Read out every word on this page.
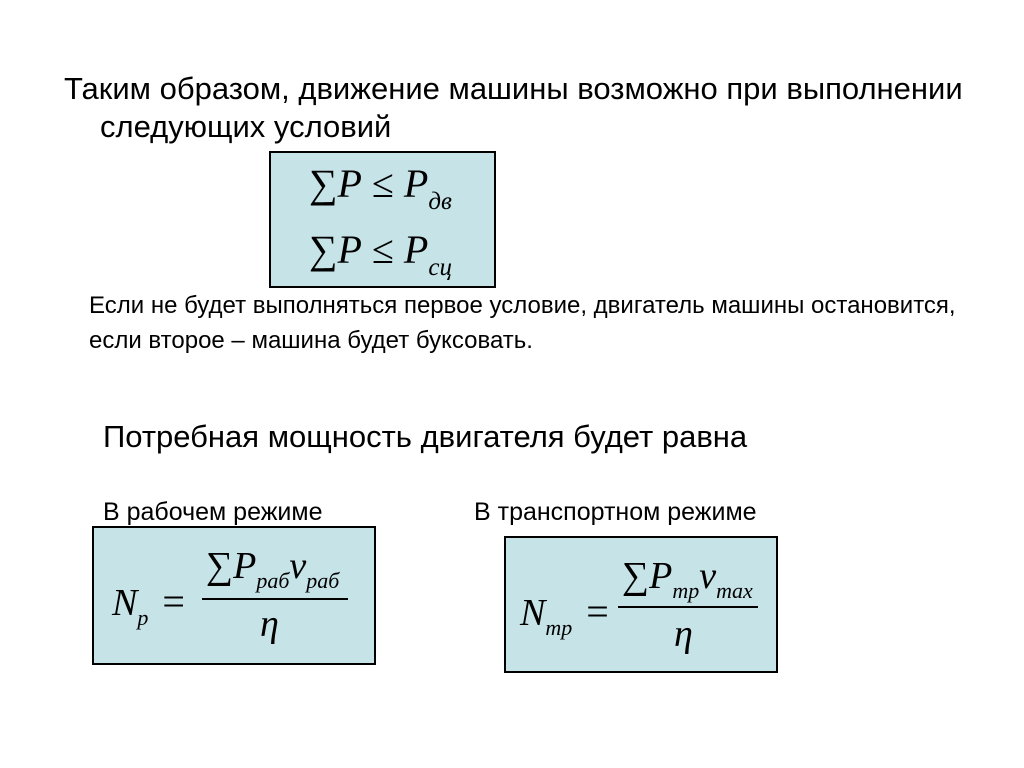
Таким образом, движение машины возможно при выполнении следующих условий
$\sum P \le P_{дв}$
$\sum P \le P_{сц}$
Если не будет выполняться первое условие, двигатель машины остановится, если второе – машина будет буксовать.
Потребная мощность двигателя будет равна
В рабочем режиме	В транспортном режиме
Nр =
∑Pрабvраб
η	Nтр =
∑Pтрvmax
η
